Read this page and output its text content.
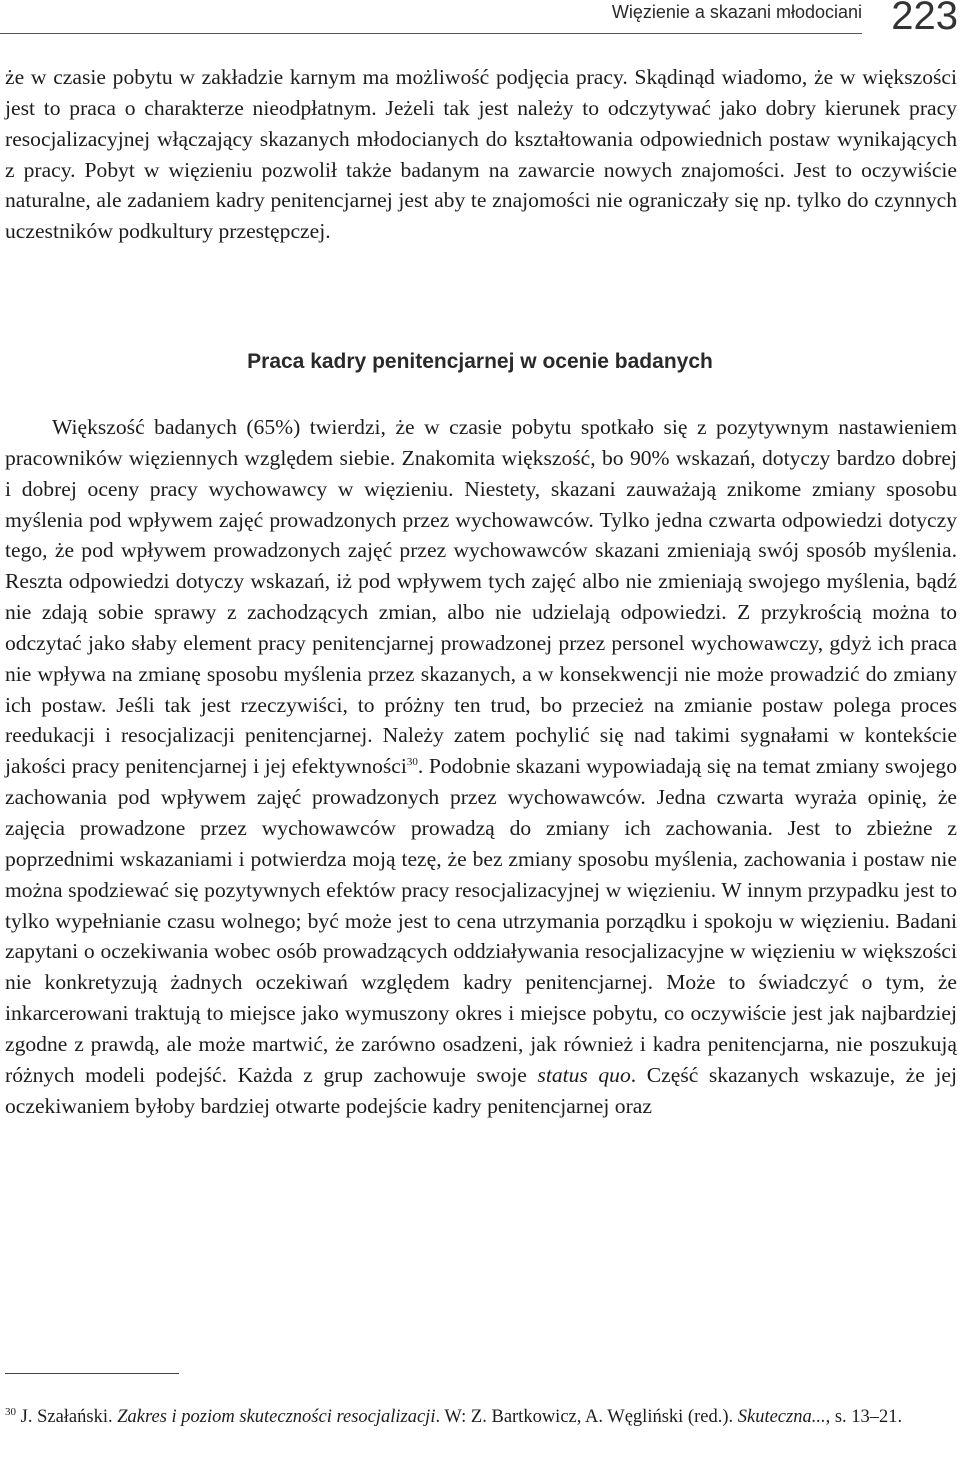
Więzienie a skazani młodociani 223

że w czasie pobytu w zakładzie karnym ma możliwość podjęcia pracy. Skądinąd wiadomo, że w większości jest to praca o charakterze nieodpłatnym. Jeżeli tak jest należy to odczytywać jako dobry kierunek pracy resocjalizacyjnej włączający skazanych młodocianych do kształtowania odpowiednich postaw wynikających z pracy. Pobyt w więzieniu pozwolił także badanym na zawarcie nowych znajomości. Jest to oczywiście naturalne, ale zadaniem kadry penitencjarnej jest aby te znajomości nie ograniczały się np. tylko do czynnych uczestników podkultury przestępczej.

Praca kadry penitencjarnej w ocenie badanych

Większość badanych (65%) twierdzi, że w czasie pobytu spotkało się z pozytywnym nastawieniem pracowników więziennych względem siebie. Znakomita większość, bo 90% wskazań, dotyczy bardzo dobrej i dobrej oceny pracy wychowawcy w więzieniu. Niestety, skazani zauważają znikome zmiany sposobu myślenia pod wpływem zajęć prowadzonych przez wychowawców. Tylko jedna czwarta odpowiedzi dotyczy tego, że pod wpływem prowadzonych zajęć przez wychowawców skazani zmieniają swój sposób myślenia. Reszta odpowiedzi dotyczy wskazań, iż pod wpływem tych zajęć albo nie zmieniają swojego myślenia, bądź nie zdają sobie sprawy z zachodzących zmian, albo nie udzielają odpowiedzi. Z przykrością można to odczytać jako słaby element pracy penitencjarnej prowadzonej przez personel wychowawczy, gdyż ich praca nie wpływa na zmianę sposobu myślenia przez skazanych, a w konsekwencji nie może prowadzić do zmiany ich postaw. Jeśli tak jest rzeczywiści, to próżny ten trud, bo przecież na zmianie postaw polega proces reedukacji i resocjalizacji penitencjarnej. Należy zatem pochylić się nad takimi sygnałami w kontekście jakości pracy penitencjarnej i jej efektywności$^{30}$. Podobnie skazani wypowiadają się na temat zmiany swojego zachowania pod wpływem zajęć prowadzonych przez wychowawców. Jedna czwarta wyraża opinię, że zajęcia prowadzone przez wychowawców prowadzą do zmiany ich zachowania. Jest to zbieżne z poprzednimi wskazaniami i potwierdza moją tezę, że bez zmiany sposobu myślenia, zachowania i postaw nie można spodziewać się pozytywnych efektów pracy resocjalizacyjnej w więzieniu. W innym przypadku jest to tylko wypełnianie czasu wolnego; być może jest to cena utrzymania porządku i spokoju w więzieniu. Badani zapytani o oczekiwania wobec osób prowadzących oddziaływania resocjalizacyjne w więzieniu w większości nie konkretyzują żadnych oczekiwań względem kadry penitencjarnej. Może to świadczyć o tym, że inkarcerowani traktują to miejsce jako wymuszony okres i miejsce pobytu, co oczywiście jest jak najbardziej zgodne z prawdą, ale może martwić, że zarówno osadzeni, jak również i kadra penitencjarna, nie poszukują różnych modeli podejść. Każda z grup zachowuje swoje status quo. Część skazanych wskazuje, że jej oczekiwaniem byłoby bardziej otwarte podejście kadry penitencjarnej oraz

$^{30}$ J. Szałański. Zakres i poziom skuteczności resocjalizacji. W: Z. Bartkowicz, A. Węgliński (red.). Skuteczna..., s. 13–21.
